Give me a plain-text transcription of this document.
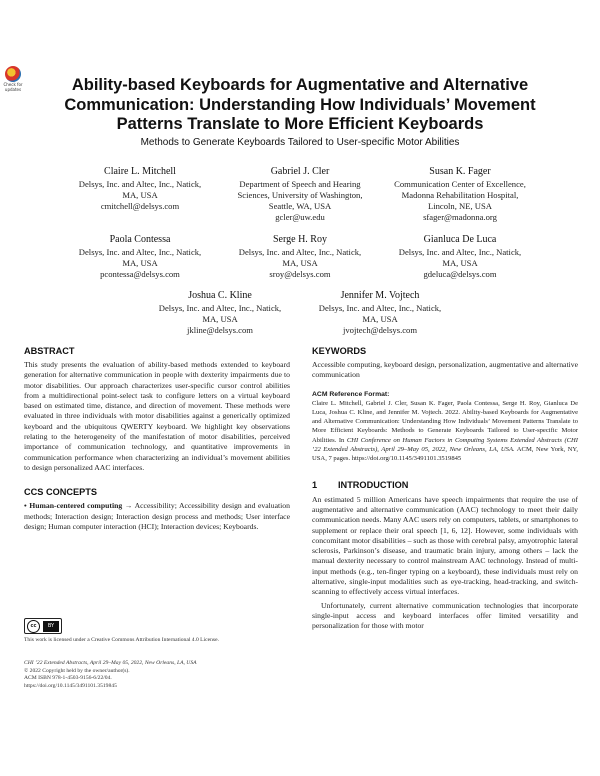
Check for updates	Ability-based Keyboards for Augmentative and Alternative
Communication: Understanding How Individuals’ Movement
Patterns Translate to More Efficient Keyboards
Methods to Generate Keyboards Tailored to User-specific Motor Abilities
Claire L. Mitchell
Delsys, Inc. and Altec, Inc., Natick,
MA, USA
cmitchell@delsys.com
Gabriel J. Cler
Department of Speech and Hearing
Sciences, University of Washington,
Seattle, WA, USA
gcler@uw.edu
Susan K. Fager
Communication Center of Excellence,
Madonna Rehabilitation Hospital,
Lincoln, NE, USA
sfager@madonna.org
Paola Contessa
Delsys, Inc. and Altec, Inc., Natick,
MA, USA
pcontessa@delsys.com
Serge H. Roy
Delsys, Inc. and Altec, Inc., Natick,
MA, USA
sroy@delsys.com
Gianluca De Luca
Delsys, Inc. and Altec, Inc., Natick,
MA, USA
gdeluca@delsys.com
Joshua C. Kline
Delsys, Inc. and Altec, Inc., Natick,
MA, USA
jkline@delsys.com
Jennifer M. Vojtech
Delsys, Inc. and Altec, Inc., Natick,
MA, USA
jvojtech@delsys.com
ABSTRACT
This study presents the evaluation of ability-based methods extended to keyboard generation for alternative communication in people with dexterity impairments due to motor disabilities. Our approach characterizes user-specific cursor control abilities from a multidirectional point-select task to configure letters on a virtual keyboard based on estimated time, distance, and direction of movement. These methods were evaluated in three individuals with motor disabilities against a generically optimized keyboard and the ubiquitous QWERTY keyboard. We highlight key observations relating to the heterogeneity of the manifestation of motor disabilities, perceived importance of communication technology, and quantitative improvements in communication performance when characterizing an individual’s movement abilities to design personalized AAC interfaces.
CCS CONCEPTS
• Human-centered computing → Accessibility; Accessibility design and evaluation methods; Interaction design; Interaction design process and methods; User interface design; Human computer interaction (HCI); Interaction devices; Keyboards.
cc	BY
This work is licensed under a Creative Commons Attribution International 4.0 License.
CHI ’22 Extended Abstracts, April 29–May 05, 2022, New Orleans, LA, USA
© 2022 Copyright held by the owner/author(s).
ACM ISBN 978-1-4503-9156-6/22/04.
https://doi.org/10.1145/3491101.3519845
KEYWORDS
Accessible computing, keyboard design, personalization, augmentative and alternative communication
ACM Reference Format:
Claire L. Mitchell, Gabriel J. Cler, Susan K. Fager, Paola Contessa, Serge H. Roy, Gianluca De Luca, Joshua C. Kline, and Jennifer M. Vojtech. 2022. Ability-based Keyboards for Augmentative and Alternative Communication: Understanding How Individuals’ Movement Patterns Translate to More Efficient Keyboards: Methods to Generate Keyboards Tailored to User-specific Motor Abilities. In CHI Conference on Human Factors in Computing Systems Extended Abstracts (CHI ’22 Extended Abstracts), April 29–May 05, 2022, New Orleans, LA, USA. ACM, New York, NY, USA, 7 pages. https://doi.org/10.1145/3491101.3519845
1 INTRODUCTION
An estimated 5 million Americans have speech impairments that require the use of augmentative and alternative communication (AAC) technology to meet their daily communication needs. Many AAC users rely on computers, tablets, or smartphones to supplement or replace their oral speech [1, 6, 12]. However, some individuals with concomitant motor disabilities – such as those with cerebral palsy, amyotrophic lateral sclerosis, Parkinson’s disease, and traumatic brain injury, among others – lack the manual dexterity necessary to control mainstream AAC technology. Instead of multi-input methods (e.g., ten-finger typing on a keyboard), these individuals must rely on alternative, single-input modalities such as eye-tracking, head-tracking, and switch-scanning to effectively access virtual interfaces.
Unfortunately, current alternative communication technologies that incorporate single-input access and keyboard interfaces offer limited versatility and personalization for those with motor
